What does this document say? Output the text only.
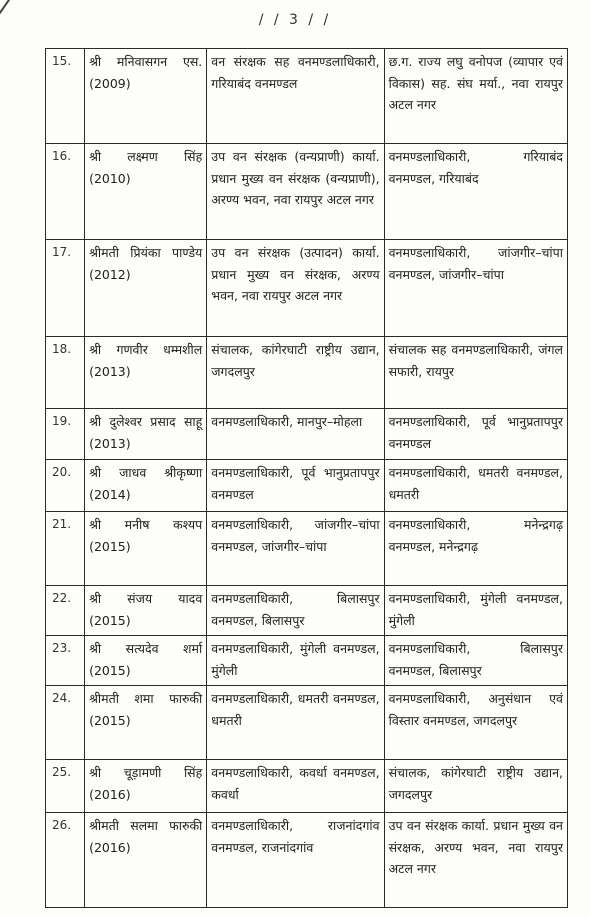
/ / 3 / /
15.	श्री मनिवासगन एस. (2009)	वन संरक्षक सह वनमण्डलाधिकारी, गरियाबंद वनमण्डल	छ.ग. राज्य लघु वनोपज (व्यापार एवं विकास) सह. संघ मर्या., नवा रायपुर अटल नगर
16.	श्री लक्ष्मण सिंह (2010)	उप वन संरक्षक (वन्यप्राणी) कार्या. प्रधान मुख्य वन संरक्षक (वन्यप्राणी), अरण्य भवन, नवा रायपुर अटल नगर	वनमण्डलाधिकारी, गरियाबंद वनमण्डल, गरियाबंद
17.	श्रीमती प्रियंका पाण्डेय (2012)	उप वन संरक्षक (उत्पादन) कार्या. प्रधान मुख्य वन संरक्षक, अरण्य भवन, नवा रायपुर अटल नगर	वनमण्डलाधिकारी, जांजगीर–चांपा वनमण्डल, जांजगीर–चांपा
18.	श्री गणवीर धम्मशील (2013)	संचालक, कांगेरघाटी राष्ट्रीय उद्यान, जगदलपुर	संचालक सह वनमण्डलाधिकारी, जंगल सफारी, रायपुर
19.	श्री दुलेश्वर प्रसाद साहू (2013)	वनमण्डलाधिकारी, मानपुर–मोहला	वनमण्डलाधिकारी, पूर्व भानुप्रतापपुर वनमण्डल
20.	श्री जाधव श्रीकृष्णा (2014)	वनमण्डलाधिकारी, पूर्व भानुप्रतापपुर वनमण्डल	वनमण्डलाधिकारी, धमतरी वनमण्डल, धमतरी
21.	श्री मनीष कश्यप (2015)	वनमण्डलाधिकारी, जांजगीर–चांपा वनमण्डल, जांजगीर–चांपा	वनमण्डलाधिकारी, मनेन्द्रगढ़ वनमण्डल, मनेन्द्रगढ़
22.	श्री संजय यादव (2015)	वनमण्डलाधिकारी, बिलासपुर वनमण्डल, बिलासपुर	वनमण्डलाधिकारी, मुंगेली वनमण्डल, मुंगेली
23.	श्री सत्यदेव शर्मा (2015)	वनमण्डलाधिकारी, मुंगेली वनमण्डल, मुंगेली	वनमण्डलाधिकारी, बिलासपुर वनमण्डल, बिलासपुर
24.	श्रीमती शमा फारुकी (2015)	वनमण्डलाधिकारी, धमतरी वनमण्डल, धमतरी	वनमण्डलाधिकारी, अनुसंधान एवं विस्तार वनमण्डल, जगदलपुर
25.	श्री चूड़ामणी सिंह (2016)	वनमण्डलाधिकारी, कवर्धा वनमण्डल, कवर्धा	संचालक, कांगेरघाटी राष्ट्रीय उद्यान, जगदलपुर
26.	श्रीमती सलमा फारुकी (2016)	वनमण्डलाधिकारी, राजनांदगांव वनमण्डल, राजनांदगांव	उप वन संरक्षक कार्या. प्रधान मुख्य वन संरक्षक, अरण्य भवन, नवा रायपुर अटल नगर
